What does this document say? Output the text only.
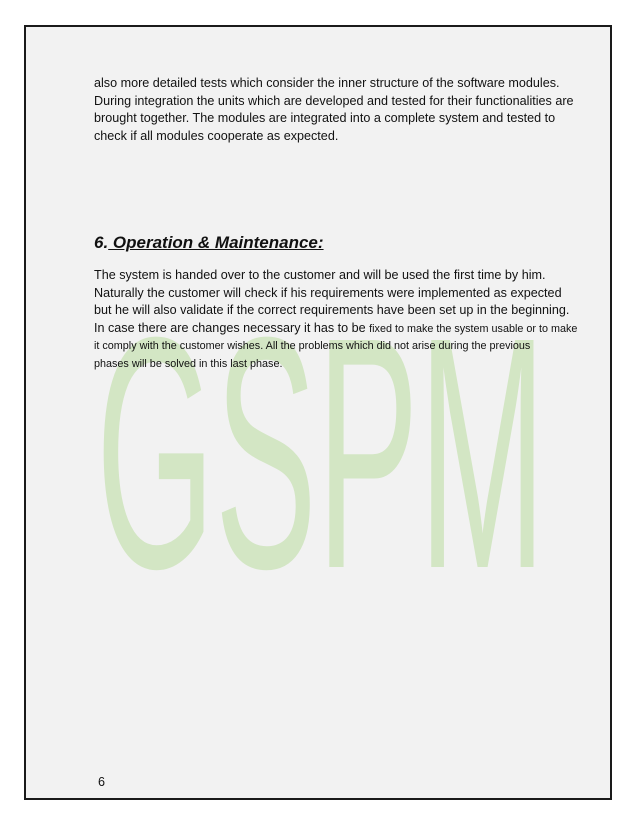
GSPM

also more detailed tests which consider the inner structure of the software modules.

During integration the units which are developed and tested for their functionalities are

brought together. The modules are integrated into a complete system and tested to

check if all modules cooperate as expected.

6. Operation & Maintenance:

The system is handed over to the customer and will be used the first time by him.

Naturally the customer will check if his requirements were implemented as expected

but he will also validate if the correct requirements have been set up in the beginning.

In case there are changes necessary it has to be fixed to make the system usable or to make

it comply with the customer wishes. All the problems which did not arise during the previous

phases will be solved in this last phase.

6
